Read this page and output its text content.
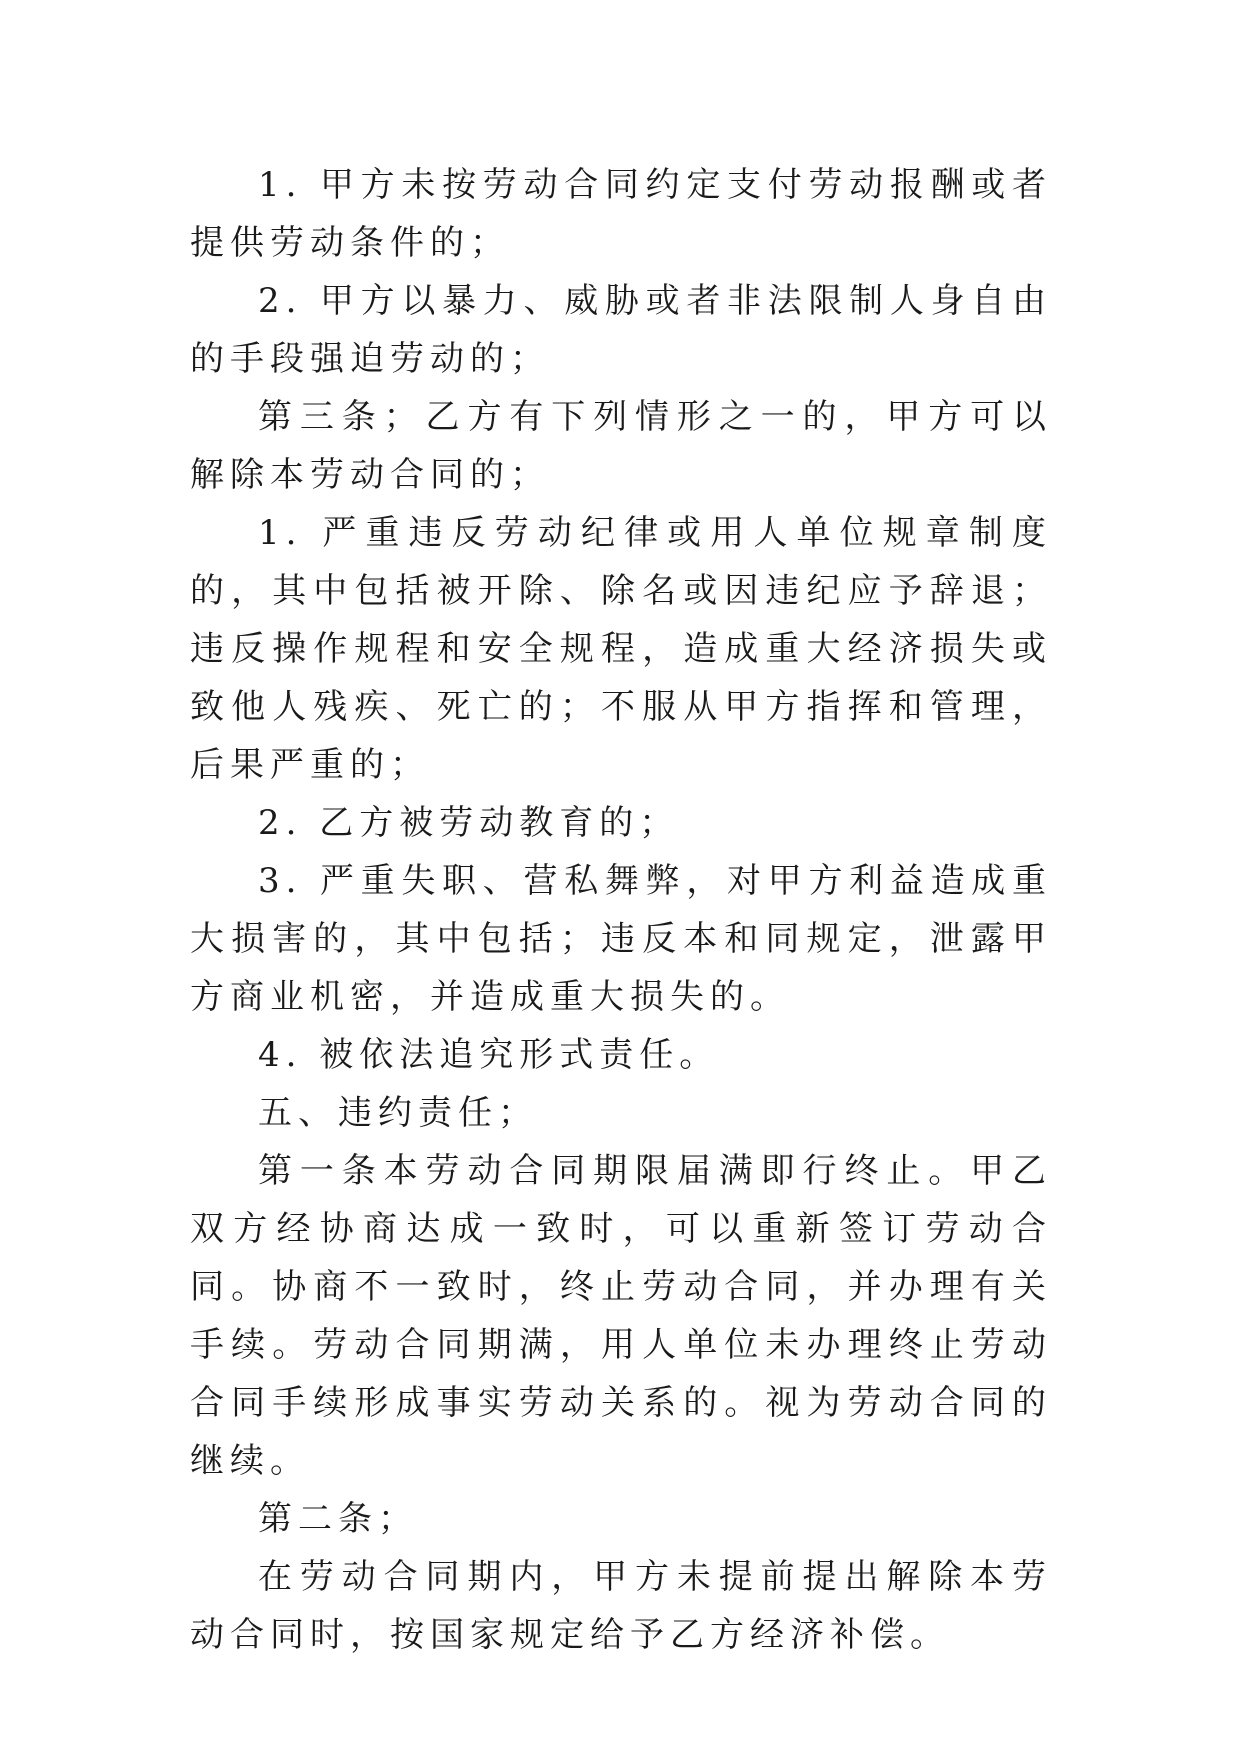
1. 甲方未按劳动合同约定支付劳动报酬或者提供劳动条件的；

2. 甲方以暴力、威胁或者非法限制人身自由的手段强迫劳动的；

第三条；乙方有下列情形之一的，甲方可以解除本劳动合同的；

1. 严重违反劳动纪律或用人单位规章制度的，其中包括被开除、除名或因违纪应予辞退；违反操作规程和安全规程，造成重大经济损失或致他人残疾、死亡的；不服从甲方指挥和管理，后果严重的；

2. 乙方被劳动教育的；

3. 严重失职、营私舞弊，对甲方利益造成重大损害的，其中包括；违反本和同规定，泄露甲方商业机密，并造成重大损失的。

4. 被依法追究形式责任。

五、违约责任；

第一条本劳动合同期限届满即行终止。甲乙双方经协商达成一致时，可以重新签订劳动合同。协商不一致时，终止劳动合同，并办理有关手续。劳动合同期满，用人单位未办理终止劳动合同手续形成事实劳动关系的。视为劳动合同的继续。

第二条；

在劳动合同期内，甲方未提前提出解除本劳动合同时，按国家规定给予乙方经济补偿。
